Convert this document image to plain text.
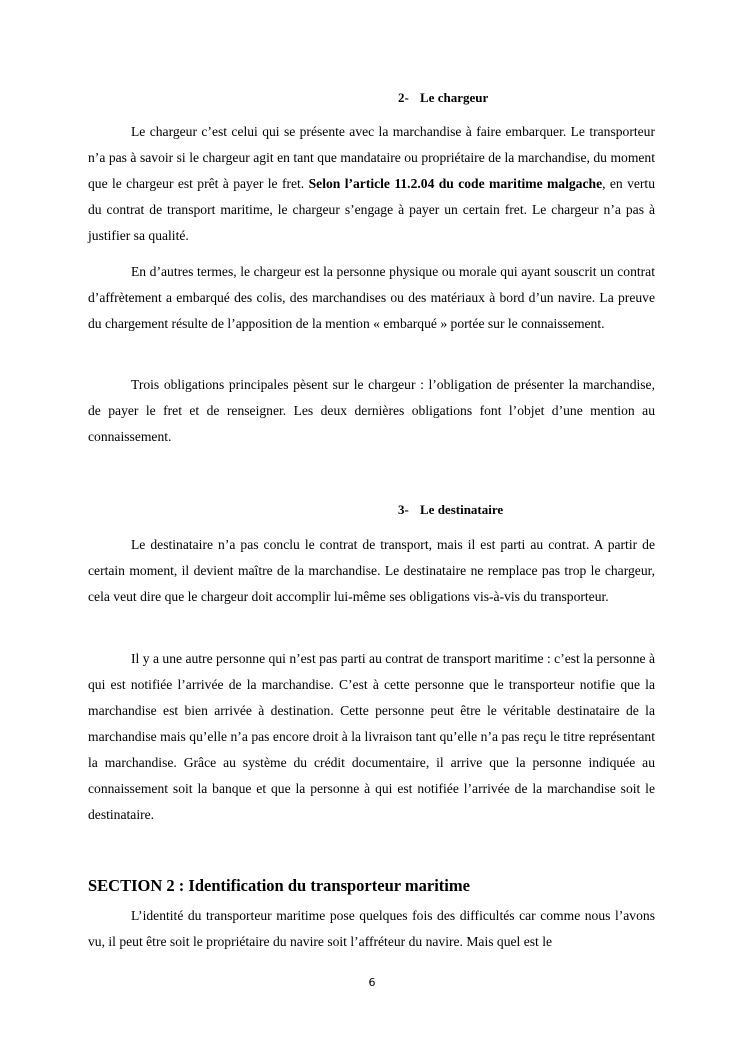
2- Le chargeur

Le chargeur c’est celui qui se présente avec la marchandise à faire embarquer. Le transporteur n’a pas à savoir si le chargeur agit en tant que mandataire ou propriétaire de la marchandise, du moment que le chargeur est prêt à payer le fret. Selon l’article 11.2.04 du code maritime malgache, en vertu du contrat de transport maritime, le chargeur s’engage à payer un certain fret. Le chargeur n’a pas à justifier sa qualité.

En d’autres termes, le chargeur est la personne physique ou morale qui ayant souscrit un contrat d’affrètement a embarqué des colis, des marchandises ou des matériaux à bord d’un navire. La preuve du chargement résulte de l’apposition de la mention « embarqué » portée sur le connaissement.

Trois obligations principales pèsent sur le chargeur : l’obligation de présenter la marchandise, de payer le fret et de renseigner. Les deux dernières obligations font l’objet d’une mention au connaissement.

3- Le destinataire

Le destinataire n’a pas conclu le contrat de transport, mais il est parti au contrat. A partir de certain moment, il devient maître de la marchandise. Le destinataire ne remplace pas trop le chargeur, cela veut dire que le chargeur doit accomplir lui-même ses obligations vis-à-vis du transporteur.

Il y a une autre personne qui n’est pas parti au contrat de transport maritime : c’est la personne à qui est notifiée l’arrivée de la marchandise. C’est à cette personne que le transporteur notifie que la marchandise est bien arrivée à destination. Cette personne peut être le véritable destinataire de la marchandise mais qu’elle n’a pas encore droit à la livraison tant qu’elle n’a pas reçu le titre représentant la marchandise. Grâce au système du crédit documentaire, il arrive que la personne indiquée au connaissement soit la banque et que la personne à qui est notifiée l’arrivée de la marchandise soit le destinataire.

SECTION 2 : Identification du transporteur maritime

L’identité du transporteur maritime pose quelques fois des difficultés car comme nous l’avons vu, il peut être soit le propriétaire du navire soit l’affréteur du navire. Mais quel est le

6
